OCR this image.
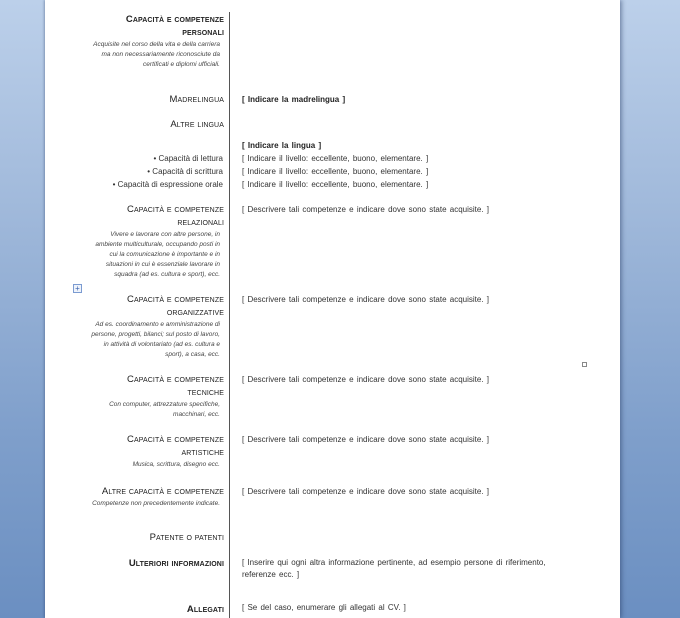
Capacità e competenze
personali
Acquisite nel corso della vita e della carriera ma non necessariamente riconosciute da certificati e diplomi ufficiali.
Madrelingua [ Indicare la madrelingua ]
Altre lingua
[ Indicare la lingua ]
• Capacità di lettura [ Indicare il livello: eccellente, buono, elementare. ]
• Capacità di scrittura [ Indicare il livello: eccellente, buono, elementare. ]
• Capacità di espressione orale [ Indicare il livello: eccellente, buono, elementare. ]
Capacità e competenze
relazionali
Vivere e lavorare con altre persone, in ambiente multiculturale, occupando posti in cui la comunicazione è importante e in situazioni in cui è essenziale lavorare in squadra (ad es. cultura e sport), ecc.
[ Descrivere tali competenze e indicare dove sono state acquisite. ]
Capacità e competenze
organizzative
Ad es. coordinamento e amministrazione di persone, progetti, bilanci; sul posto di lavoro, in attività di volontariato (ad es. cultura e sport), a casa, ecc.
[ Descrivere tali competenze e indicare dove sono state acquisite. ]
Capacità e competenze
tecniche
Con computer, attrezzature specifiche, macchinari, ecc.
[ Descrivere tali competenze e indicare dove sono state acquisite. ]
Capacità e competenze
artistiche
Musica, scrittura, disegno ecc.
[ Descrivere tali competenze e indicare dove sono state acquisite. ]
Altre capacità e competenze
Competenze non precedentemente indicate.
[ Descrivere tali competenze e indicare dove sono state acquisite. ]
Patente o patenti
Ulteriori informazioni [ Inserire qui ogni altra informazione pertinente, ad esempio persone di riferimento, referenze ecc. ]
Allegati [ Se del caso, enumerare gli allegati al CV. ]
+
